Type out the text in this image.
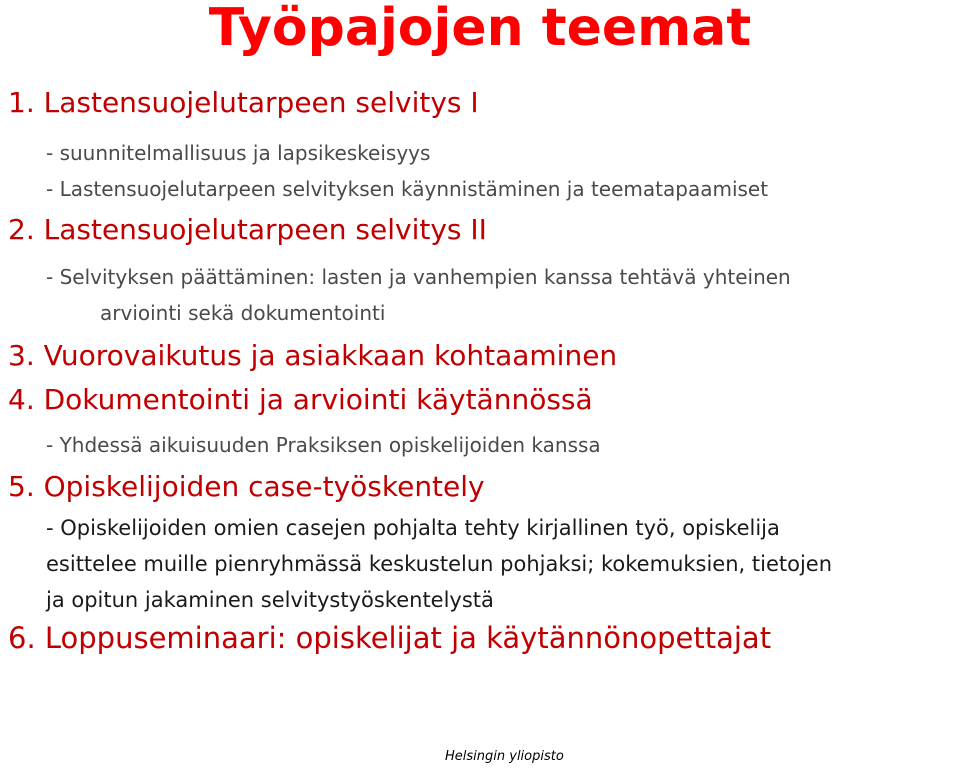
Työpajojen teemat
1. Lastensuojelutarpeen selvitys I
- suunnitelmallisuus ja lapsikeskeisyys
- Lastensuojelutarpeen selvityksen käynnistäminen ja teematapaamiset
2. Lastensuojelutarpeen selvitys II
- Selvityksen päättäminen: lasten ja vanhempien kanssa tehtävä yhteinen
arviointi sekä dokumentointi
3. Vuorovaikutus ja asiakkaan kohtaaminen
4. Dokumentointi ja arviointi käytännössä
- Yhdessä aikuisuuden Praksiksen opiskelijoiden kanssa
5. Opiskelijoiden case-työskentely
- Opiskelijoiden omien casejen pohjalta tehty kirjallinen työ, opiskelija
esittelee muille pienryhmässä keskustelun pohjaksi; kokemuksien, tietojen
ja opitun jakaminen selvitystyöskentelystä
6. Loppuseminaari: opiskelijat ja käytännönopettajat
Helsingin yliopisto
